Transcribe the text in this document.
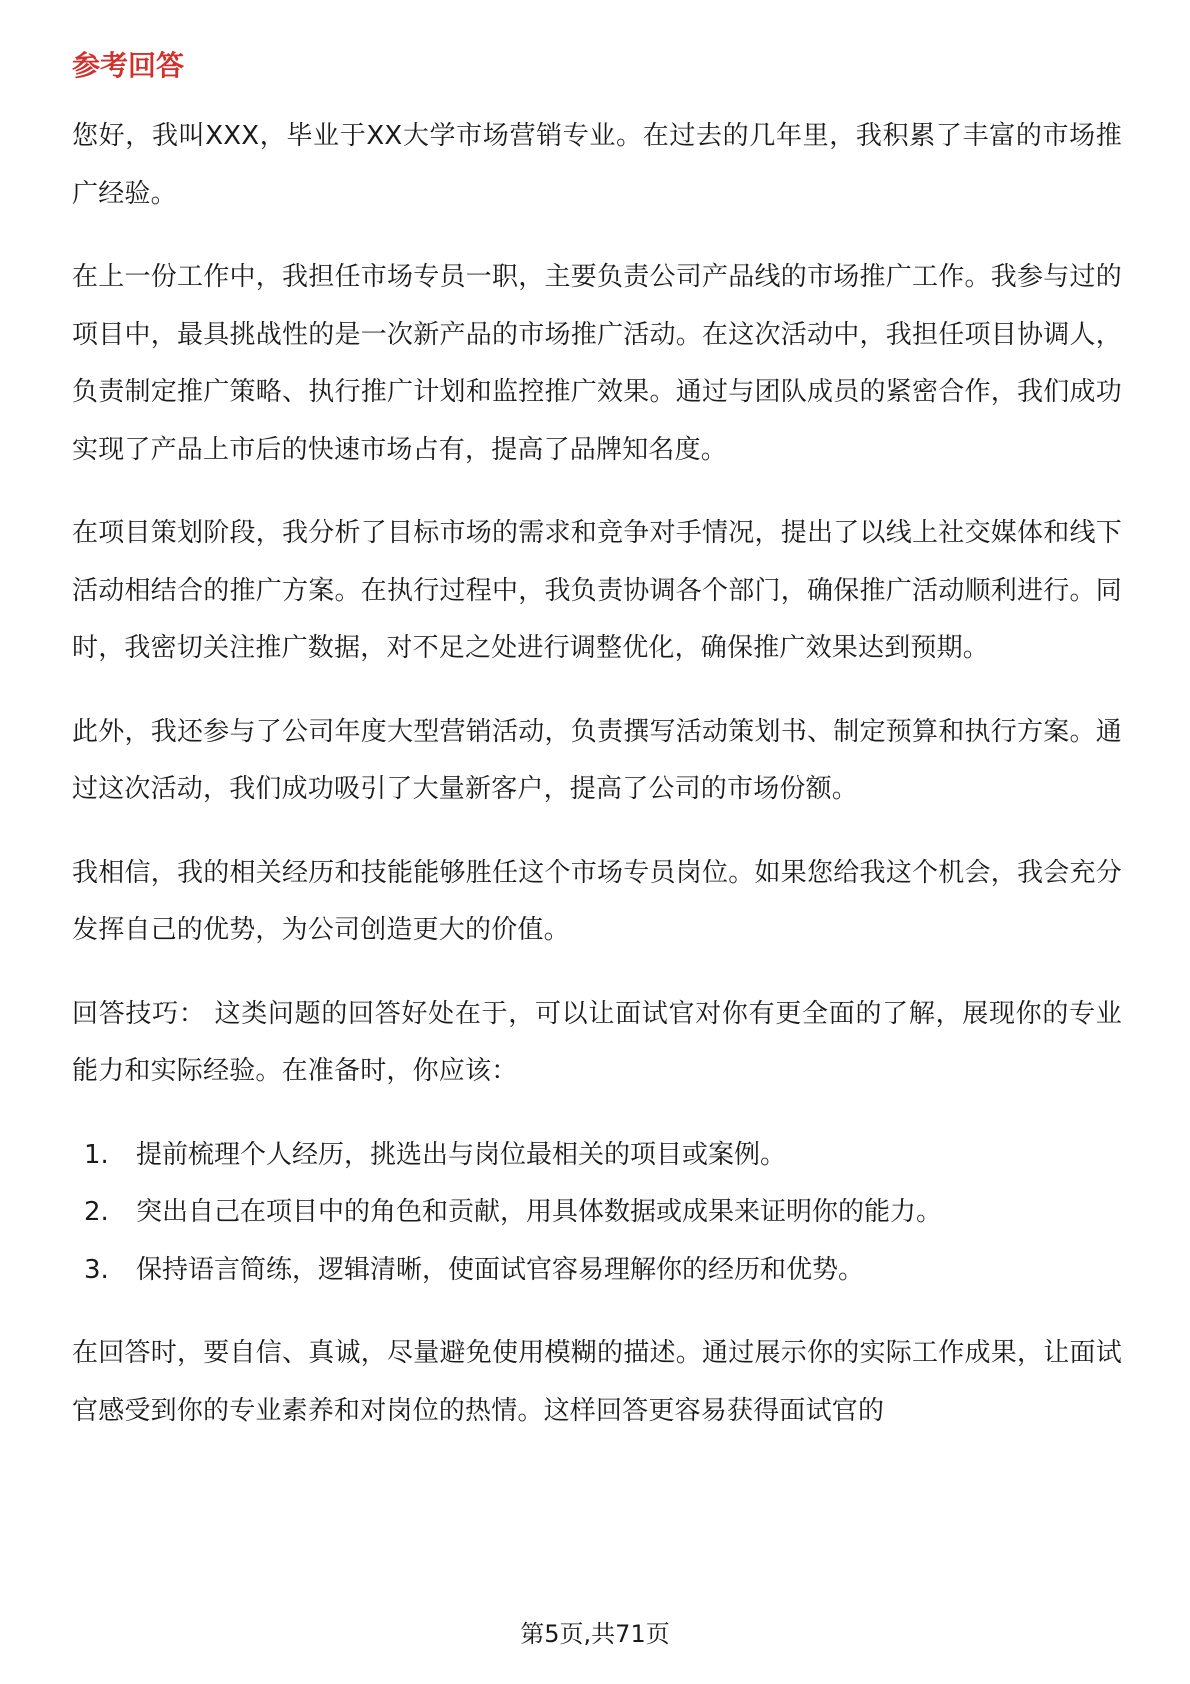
参考回答

您好，我叫XXX，毕业于XX大学市场营销专业。在过去的几年里，我积累了丰富的市场推广经验。

在上一份工作中，我担任市场专员一职，主要负责公司产品线的市场推广工作。我参与过的项目中，最具挑战性的是一次新产品的市场推广活动。在这次活动中，我担任项目协调人，负责制定推广策略、执行推广计划和监控推广效果。通过与团队成员的紧密合作，我们成功实现了产品上市后的快速市场占有，提高了品牌知名度。

在项目策划阶段，我分析了目标市场的需求和竞争对手情况，提出了以线上社交媒体和线下活动相结合的推广方案。在执行过程中，我负责协调各个部门，确保推广活动顺利进行。同时，我密切关注推广数据，对不足之处进行调整优化，确保推广效果达到预期。

此外，我还参与了公司年度大型营销活动，负责撰写活动策划书、制定预算和执行方案。通过这次活动，我们成功吸引了大量新客户，提高了公司的市场份额。

我相信，我的相关经历和技能能够胜任这个市场专员岗位。如果您给我这个机会，我会充分发挥自己的优势，为公司创造更大的价值。

回答技巧： 这类问题的回答好处在于，可以让面试官对你有更全面的了解，展现你的专业能力和实际经验。在准备时，你应该：

1.	提前梳理个人经历，挑选出与岗位最相关的项目或案例。
2.	突出自己在项目中的角色和贡献，用具体数据或成果来证明你的能力。
3.	保持语言简练，逻辑清晰，使面试官容易理解你的经历和优势。

在回答时，要自信、真诚，尽量避免使用模糊的描述。通过展示你的实际工作成果，让面试官感受到你的专业素养和对岗位的热情。这样回答更容易获得面试官的

第5页,共71页
